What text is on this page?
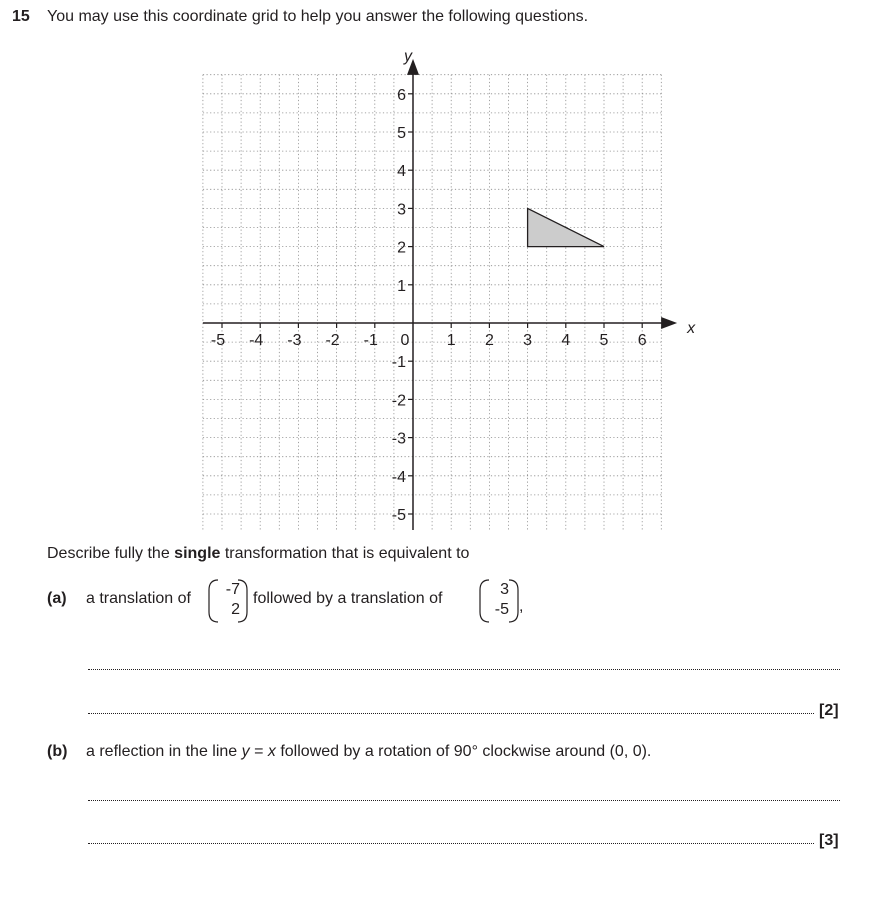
15 You may use this coordinate grid to help you answer the following questions.
-5 -4 -3 -2 -1	1 2 3 4 5 6
6
5
4
3
2
1
-1
-2
-3
-4
-5
0
x
y
Describe fully the single transformation that is equivalent to
(a) a translation of
-7
2
followed by a translation of
3
-5 ,
[2]
(b) a reflection in the line y = x followed by a rotation of 90° clockwise around (0, 0).
[3]
